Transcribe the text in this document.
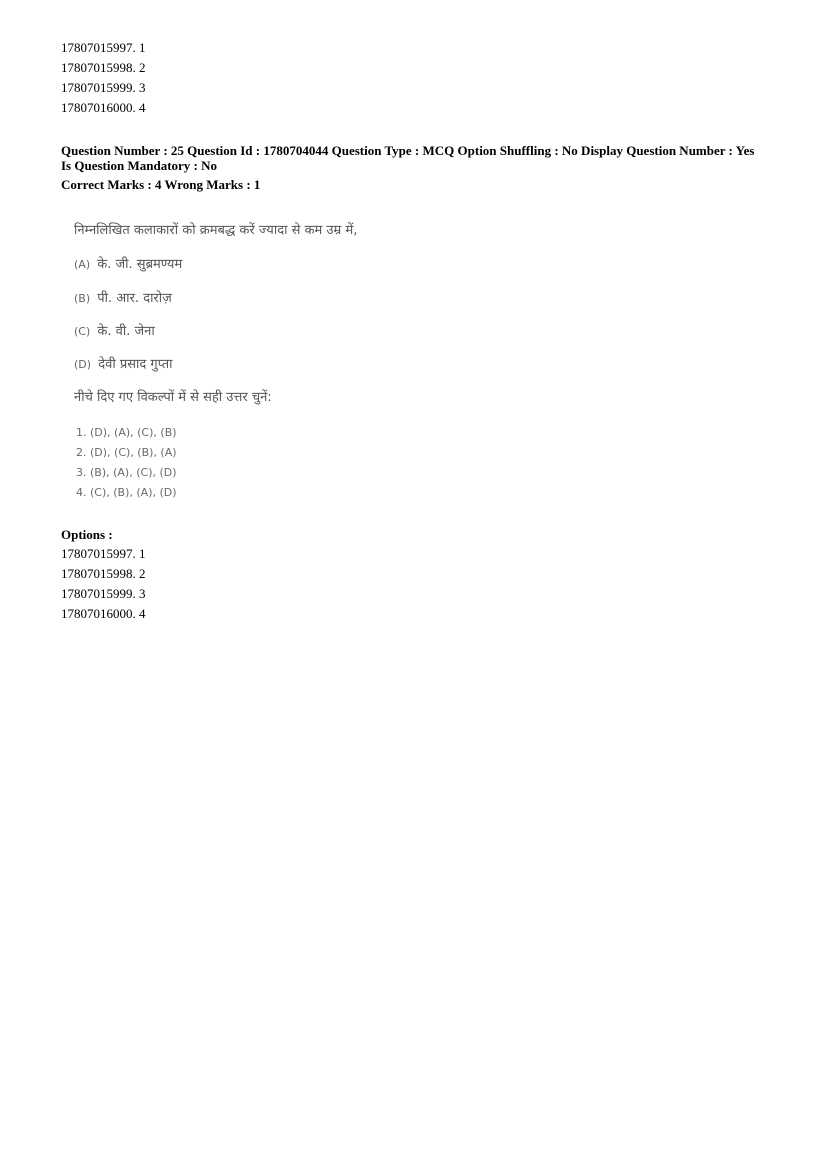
17807015997. 1
17807015998. 2
17807015999. 3
17807016000. 4
Question Number : 25 Question Id : 1780704044 Question Type : MCQ Option Shuffling : No Display Question Number : Yes
Is Question Mandatory : No
Correct Marks : 4 Wrong Marks : 1
निम्नलिखित कलाकारों को क्रमबद्ध करें ज्यादा से कम उम्र में,
(A) के. जी. सुब्रमण्यम
(B) पी. आर. दारोज़
(C) के. वी. जेना
(D) देवी प्रसाद गुप्ता
नीचे दिए गए विकल्पों में से सही उत्तर चुनें:
1. (D), (A), (C), (B)
2. (D), (C), (B), (A)
3. (B), (A), (C), (D)
4. (C), (B), (A), (D)
Options :
17807015997. 1
17807015998. 2
17807015999. 3
17807016000. 4
